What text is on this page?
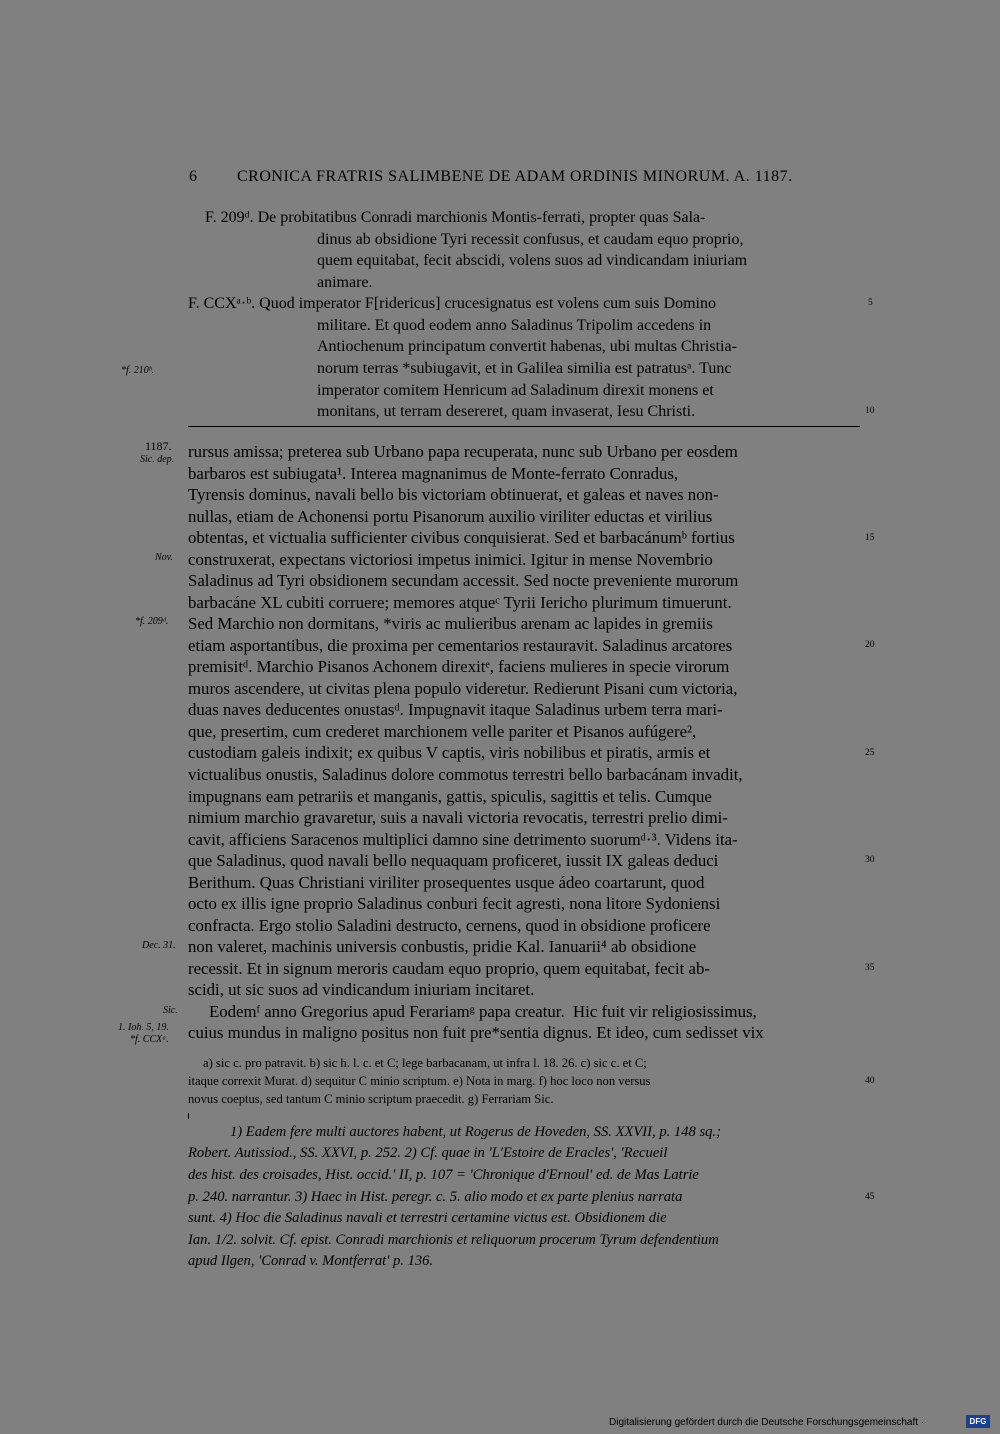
6 CRONICA FRATRIS SALIMBENE DE ADAM ORDINIS MINORUM. A. 1187.
F. 209ᵈ. De probitatibus Conradi marchionis Montis-ferrati, propter quas Sala-
dinus ab obsidione Tyri recessit confusus, et caudam equo proprio,
quem equitabat, fecit abscidi, volens suos ad vindicandam iniuriam
animare.
F. CCXᵃ·ᵇ. Quod imperator F[ridericus] crucesignatus est volens cum suis Domino
militare. Et quod eodem anno Saladinus Tripolim accedens in
Antiochenum principatum convertit habenas, ubi multas Christia-
norum terras *subiugavit, et in Galilea similia est patratusᵃ. Tunc
imperator comitem Henricum ad Saladinum direxit monens et
monitans, ut terram desereret, quam invaserat, Iesu Christi.
*f. 210ᵇ.
5
10
1187.
Sic. dep.
Nov.
*f. 209ᵈ.
Dec. 31.
Sic.
1. Ioh. 5, 19.
*f. CCXᵃ.
rursus amissa; preterea sub Urbano papa recuperata, nunc sub Urbano per eosdem
barbaros est subiugata¹. Interea magnanimus de Monte-ferrato Conradus,
Tyrensis dominus, navali bello bis victoriam obtinuerat, et galeas et naves non-
nullas, etiam de Achonensi portu Pisanorum auxilio viriliter eductas et virilius
obtentas, et victualia sufficienter civibus conquisierat. Sed et barbacánumᵇ fortius
construxerat, expectans victoriosi impetus inimici. Igitur in mense Novembrio
Saladinus ad Tyri obsidionem secundam accessit. Sed nocte preveniente murorum
barbacáne XL cubiti corruere; memores atqueᶜ Tyrii Iericho plurimum timuerunt.
Sed Marchio non dormitans, *viris ac mulieribus arenam ac lapides in gremiis
etiam asportantibus, die proxima per cementarios restauravit. Saladinus arcatores
premisitᵈ. Marchio Pisanos Achonem direxitᵉ, faciens mulieres in specie virorum
muros ascendere, ut civitas plena populo videretur. Redierunt Pisani cum victoria,
duas naves deducentes onustasᵈ. Impugnavit itaque Saladinus urbem terra mari-
que, presertim, cum crederet marchionem velle pariter et Pisanos aufúgere²,
custodiam galeis indixit; ex quibus V captis, viris nobilibus et piratis, armis et
victualibus onustis, Saladinus dolore commotus terrestri bello barbacánam invadit,
impugnans eam petrariis et manganis, gattis, spiculis, sagittis et telis. Cumque
nimium marchio gravaretur, suis a navali victoria revocatis, terrestri prelio dimi-
cavit, afficiens Saracenos multiplici damno sine detrimento suorumᵈ·³. Videns ita-
que Saladinus, quod navali bello nequaquam proficeret, iussit IX galeas deduci
Berithum. Quas Christiani viriliter prosequentes usque ádeo coartarunt, quod
octo ex illis igne proprio Saladinus conburi fecit agresti, nona litore Sydoniensi
confracta. Ergo stolio Saladini destructo, cernens, quod in obsidione proficere
non valeret, machinis universis conbustis, pridie Kal. Ianuarii⁴ ab obsidione
recessit. Et in signum meroris caudam equo proprio, quem equitabat, fecit ab-
scidi, ut sic suos ad vindicandum iniuriam incitaret.
Eodemᶠ anno Gregorius apud Ferariamᵍ papa creatur.  Hic fuit vir religiosissimus,
cuius mundus in maligno positus non fuit pre*sentia dignus. Et ideo, cum sedisset vix
15
20
25
30
35
a) sic c. pro patravit. b) sic h. l. c. et C; lege barbacanam, ut infra l. 18. 26. c) sic c. et C;
itaque correxit Murat. d) sequitur C minio scriptum. e) Nota in marg. f) hoc loco non versus
novus coeptus, sed tantum C minio scriptum praecedit. g) Ferrariam Sic.
40
1) Eadem fere multi auctores habent, ut Rogerus de Hoveden, SS. XXVII, p. 148 sq.;
Robert. Autissiod., SS. XXVI, p. 252. 2) Cf. quae in 'L'Estoire de Eracles', 'Recueil
des hist. des croisades, Hist. occid.' II, p. 107 = 'Chronique d'Ernoul' ed. de Mas Latrie
p. 240. narrantur. 3) Haec in Hist. peregr. c. 5. alio modo et ex parte plenius narrata
sunt. 4) Hoc die Saladinus navali et terrestri certamine victus est. Obsidionem die
Ian. 1/2. solvit. Cf. epist. Conradi marchionis et reliquorum procerum Tyrum defendentium
apud Ilgen, 'Conrad v. Montferrat' p. 136.
45
Digitalisierung gefördert durch die Deutsche Forschungsgemeinschaft ·	DFG
